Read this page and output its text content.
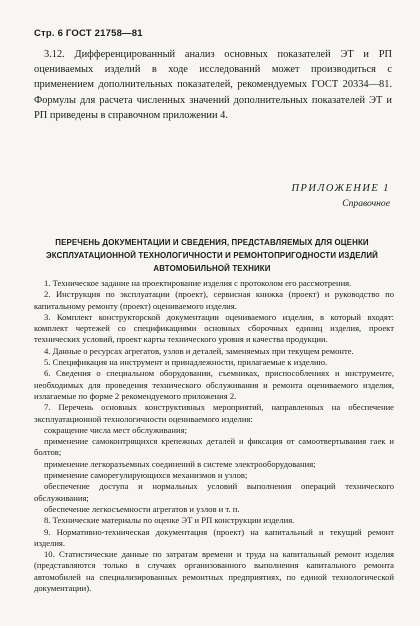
Стр. 6 ГОСТ 21758—81

3.12. Дифференцированный анализ основных показателей ЭТ и РП оцениваемых изделий в ходе исследований может производиться с применением дополнительных показателей, рекомендуемых ГОСТ 20334—81. Формулы для расчета численных значений дополнительных показателей ЭТ и РП приведены в справочном приложении 4.

ПРИЛОЖЕНИЕ 1
Справочное
ПЕРЕЧЕНЬ ДОКУМЕНТАЦИИ И СВЕДЕНИЯ, ПРЕДСТАВЛЯЕМЫХ ДЛЯ ОЦЕНКИ ЭКСПЛУАТАЦИОННОЙ ТЕХНОЛОГИЧНОСТИ И РЕМОНТОПРИГОДНОСТИ ИЗДЕЛИЙ АВТОМОБИЛЬНОЙ ТЕХНИКИ

1. Техническое задание на проектирование изделия с протоколом его рассмотрения.

2. Инструкция по эксплуатации (проект), сервисная книжка (проект) и руководство по капитальному ремонту (проект) оцениваемого изделия.

3. Комплект конструкторской документации оцениваемого изделия, в который входят: комплект чертежей со спецификациями основных сборочных единиц изделия, проект технических условий, проект карты технического уровня и качества продукции.

4. Данные о ресурсах агрегатов, узлов и деталей, заменяемых при текущем ремонте.

5. Спецификация на инструмент и принадлежности, прилагаемые к изделию.

6. Сведения о специальном оборудовании, съемниках, приспособлениях и инструменте, необходимых для проведения технического обслуживания и ремонта оцениваемого изделия, излагаемые по форме 2 рекомендуемого приложения 2.

7. Перечень основных конструктивных мероприятий, направленных на обеспечение эксплуатационной технологичности оцениваемого изделия:

сокращение числа мест обслуживания;

применение самоконтрящихся крепежных деталей и фиксация от самоотвертывания гаек и болтов;

применение легкоразъемных соединений в системе электрооборудования;

применение саморегулирующихся механизмов и узлов;

обеспечение доступа и нормальных условий выполнения операций технического обслуживания;

обеспечение легкосъемности агрегатов и узлов и т. п.

8. Технические материалы по оценке ЭТ и РП конструкции изделия.

9. Нормативно-техническая документация (проект) на капитальный и текущий ремонт изделия.

10. Статистические данные по затратам времени и труда на капитальный ремонт изделия (представляются только в случаях организованного выполнения капитального ремонта автомобилей на специализированных ремонтных предприятиях, по единой технологической документации).
